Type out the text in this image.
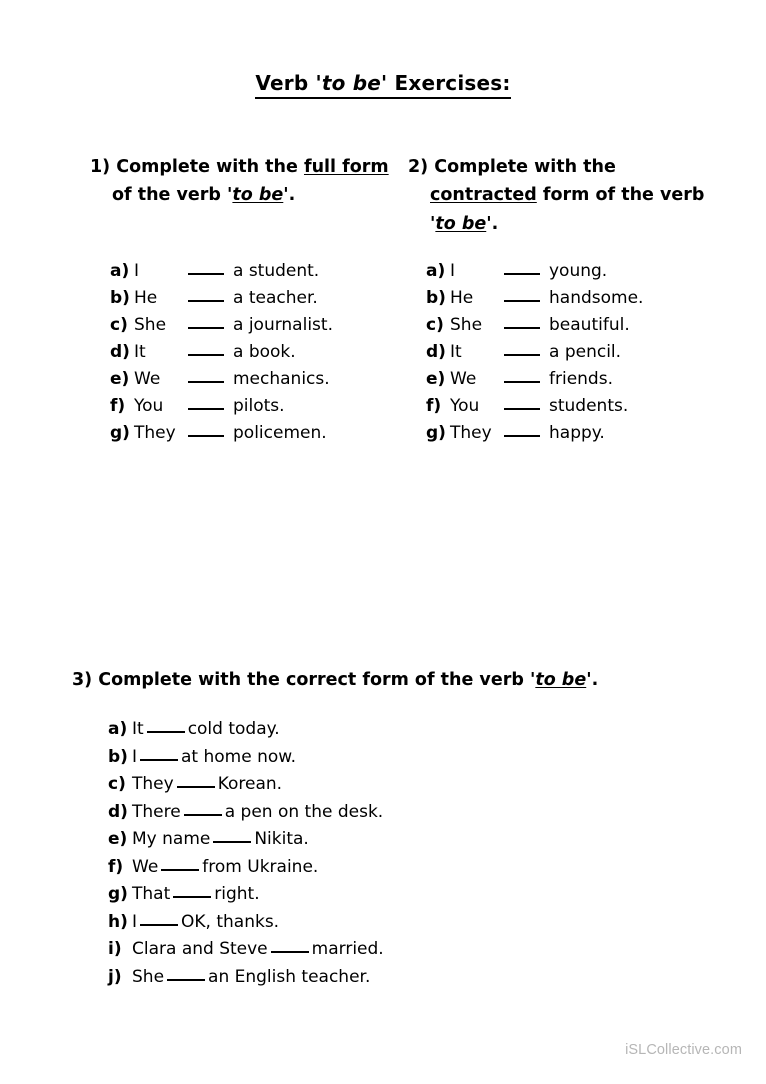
Verb 'to be' Exercises:
1) Complete with the full form of the verb 'to be'.
2) Complete with the contracted form of the verb 'to be'.
a) I	a student.
b) He	a teacher.
c) She	a journalist.
d) It	a book.
e) We	mechanics.
f) You	pilots.
g) They	policemen.
a) I	young.
b) He	handsome.
c) She	beautiful.
d) It	a pencil.
e) We	friends.
f) You	students.
g) They	happy.
3) Complete with the correct form of the verb 'to be'.
a) It	cold today.
b) I	at home now.
c) They	Korean.
d) There	a pen on the desk.
e) My name	Nikita.
f) We	from Ukraine.
g) That	right.
h) I	OK, thanks.
i) Clara and Steve	married.
j) She	an English teacher.
iSLCollective.com
